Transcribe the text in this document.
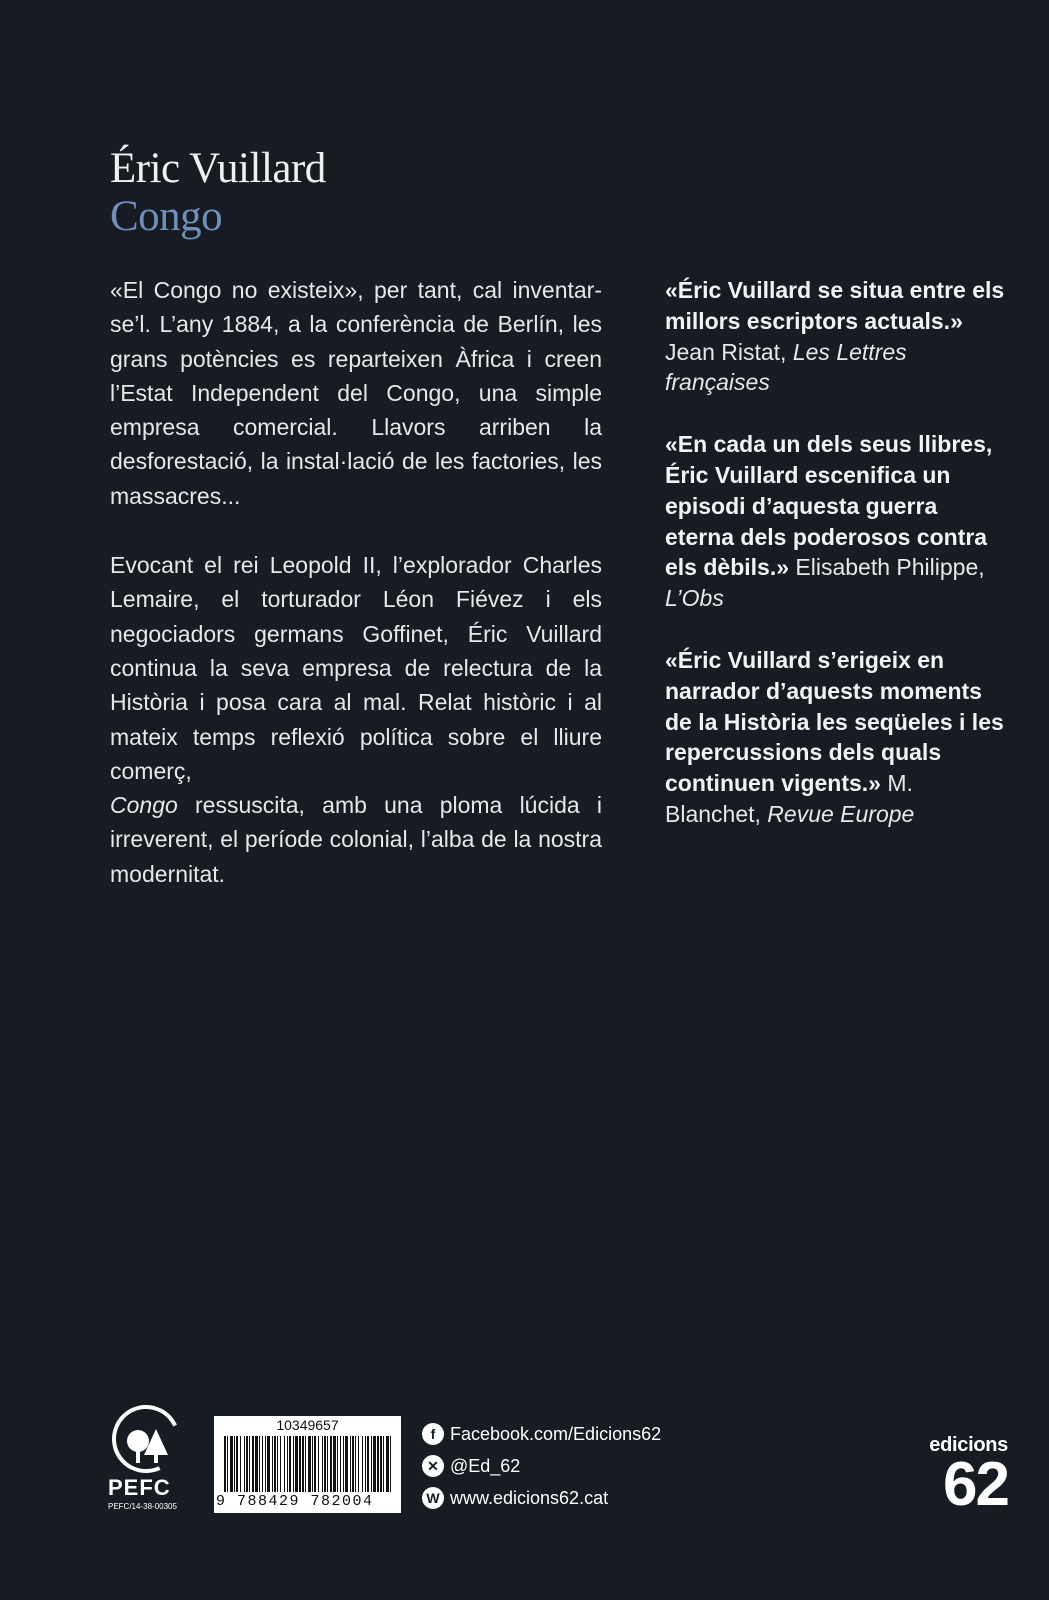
Éric Vuillard
Congo

«El Congo no existeix», per tant, cal inventar-se’l. L’any 1884, a la conferència de Berlín, les grans potències es reparteixen Àfrica i creen l’Estat Independent del Congo, una simple empresa comercial. Llavors arriben la desforestació, la instal·lació de les factories, les massacres...

Evocant el rei Leopold II, l’explorador Charles Lemaire, el torturador Léon Fiévez i els negociadors germans Goffinet, Éric Vuillard continua la seva empresa de relectura de la Història i posa cara al mal. Relat històric i al mateix temps reflexió política sobre el lliure comerç,
Congo ressuscita, amb una ploma lúcida i irreverent, el període colonial, l’alba de la nostra modernitat.

«Éric Vuillard se situa entre els millors escriptors actuals.» Jean Ristat, Les Lettres françaises

«En cada un dels seus llibres, Éric Vuillard escenifica un episodi d’aquesta guerra eterna dels poderosos contra els dèbils.» Elisabeth Philippe, L’Obs

«Éric Vuillard s’erigeix en narrador d’aquests moments de la Història les seqüeles i les repercussions dels quals continuen vigents.» M. Blanchet, Revue Europe

PEFC
PEFC/14-38-00305
10349657
9 788429 782004
f Facebook.com/Edicions62
✕ @Ed_62
W www.edicions62.cat
edicions
62
